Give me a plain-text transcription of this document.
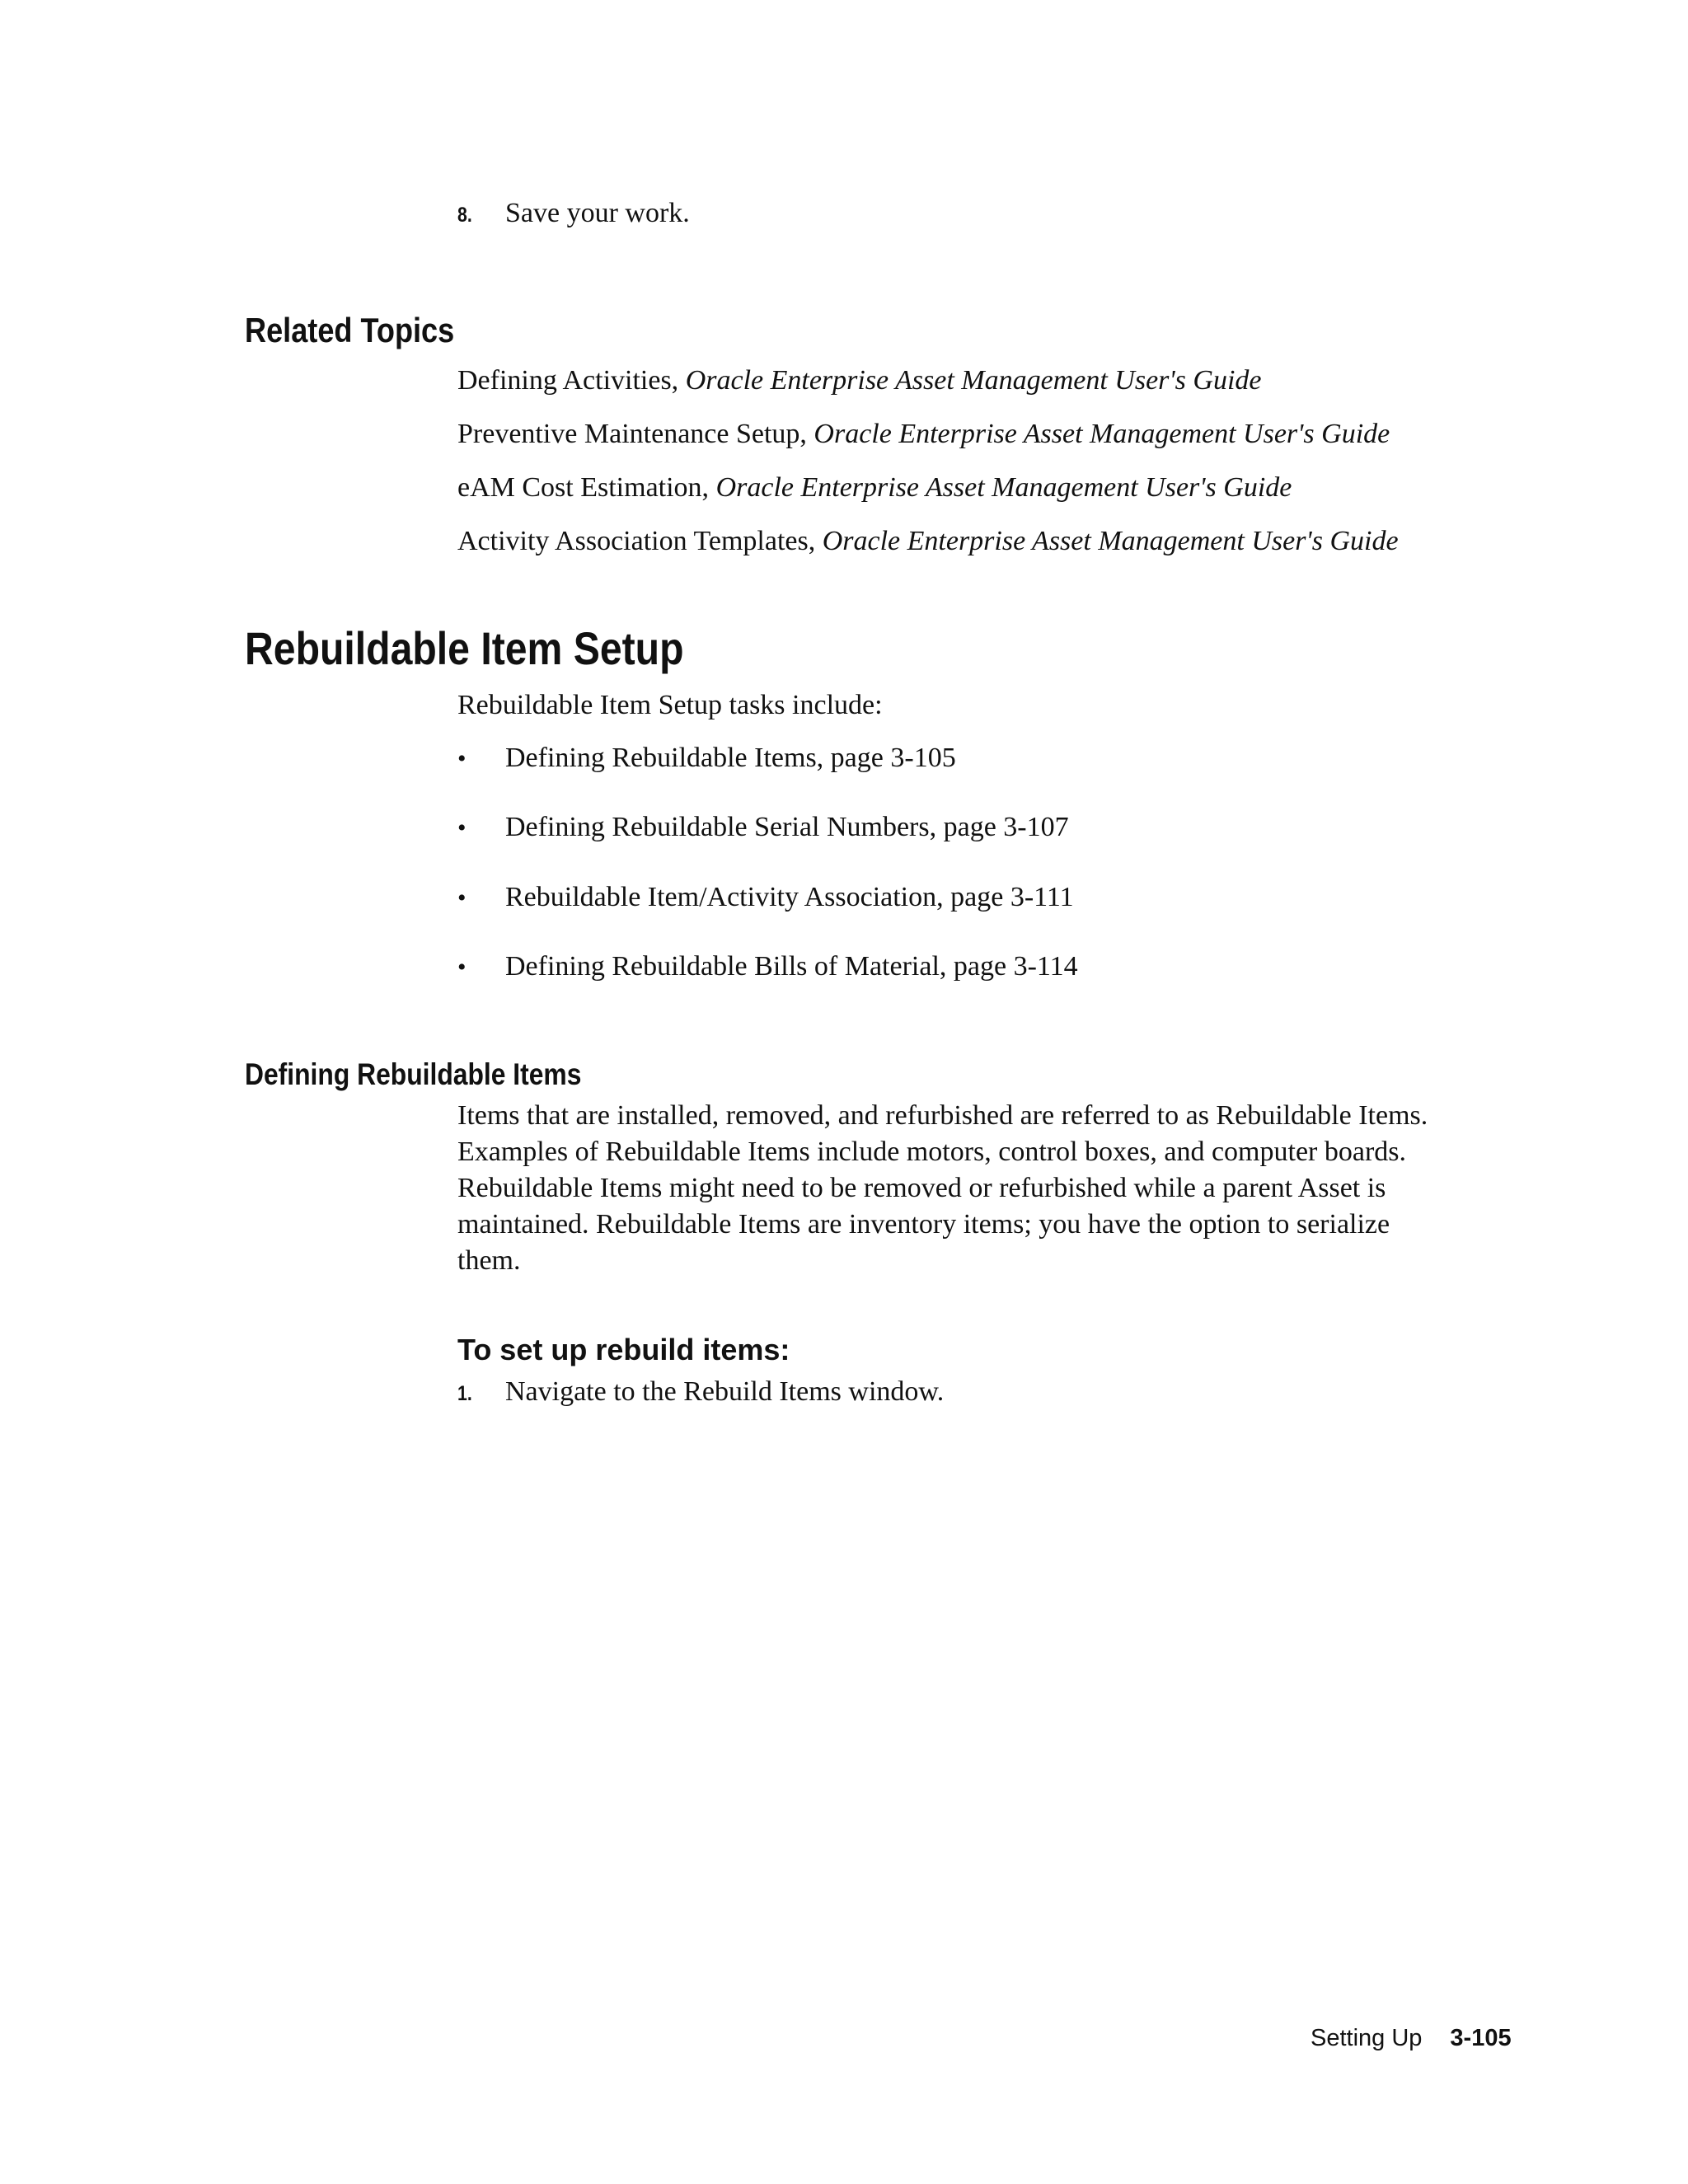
8. Save your work.
Related Topics
Defining Activities, Oracle Enterprise Asset Management User's Guide
Preventive Maintenance Setup, Oracle Enterprise Asset Management User's Guide
eAM Cost Estimation, Oracle Enterprise Asset Management User's Guide
Activity Association Templates, Oracle Enterprise Asset Management User's Guide
Rebuildable Item Setup

Rebuildable Item Setup tasks include:

• Defining Rebuildable Items, page 3-105
• Defining Rebuildable Serial Numbers, page 3-107
• Rebuildable Item/Activity Association, page 3-111
• Defining Rebuildable Bills of Material, page 3-114
Defining Rebuildable Items

Items that are installed, removed, and refurbished are referred to as Rebuildable Items.
Examples of Rebuildable Items include motors, control boxes, and computer boards.
Rebuildable Items might need to be removed or refurbished while a parent Asset is
maintained. Rebuildable Items are inventory items; you have the option to serialize
them.

To set up rebuild items:
1. Navigate to the Rebuild Items window.
Setting Up 3-105
